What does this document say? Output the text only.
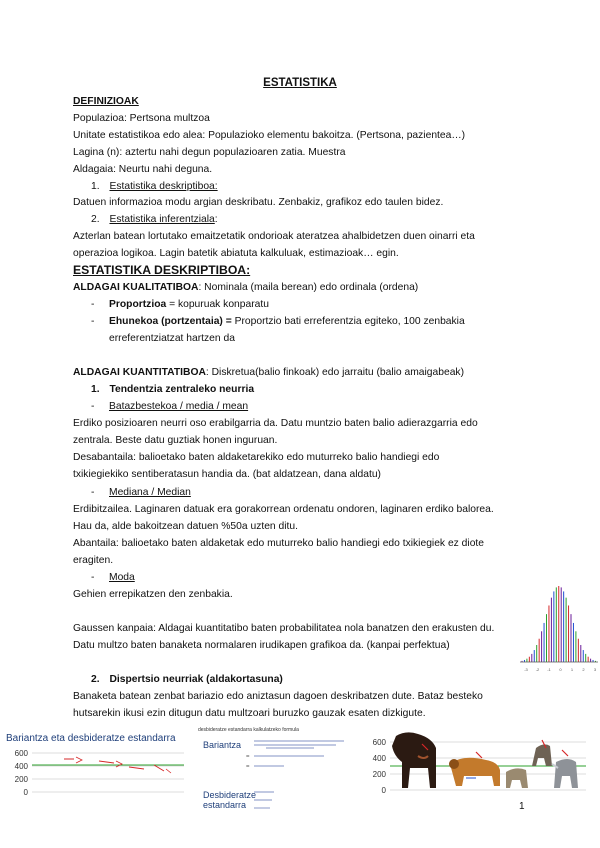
ESTATISTIKA
DEFINIZIOAK
Populazioa: Pertsona multzoa
Unitate estatistikoa edo alea: Populazioko elementu bakoitza. (Pertsona, pazientea…)
Lagina (n): aztertu nahi degun populazioaren zatia. Muestra
Aldagaia: Neurtu nahi deguna.
1. Estatistika deskriptiboa:
Datuen informazioa modu argian deskribatu. Zenbakiz, grafikoz edo taulen bidez.
2. Estatistika inferentziala:
Azterlan batean lortutako emaitzetatik ondorioak ateratzea ahalbidetzen duen oinarri eta
operazioa logikoa. Lagin batetik abiatuta kalkuluak, estimazioak… egin.
ESTATISTIKA DESKRIPTIBOA:
ALDAGAI KUALITATIBOA: Nominala (maila berean) edo ordinala (ordena)
- Proportzioa = kopuruak konparatu
- Ehunekoa (portzentaia) = Proportzio bati erreferentzia egiteko, 100 zenbakia
erreferentziatzat hartzen da
ALDAGAI KUANTITATIBOA: Diskretua(balio finkoak) edo jarraitu (balio amaigabeak)
1. Tendentzia zentraleko neurria
- Batazbestekoa / media / mean
Erdiko posizioaren neurri oso erabilgarria da. Datu muntzio baten balio adierazgarria edo
zentrala. Beste datu guztiak honen inguruan.
Desabantaila: balioetako baten aldaketarekiko edo muturreko balio handiegi edo
txikiegiekiko sentiberatasun handia da. (bat aldatzean, dana aldatu)
- Mediana / Median
Erdibitzailea. Laginaren datuak era gorakorrean ordenatu ondoren, laginaren erdiko balorea.
Hau da, alde bakoitzean datuen %50a uzten ditu.
Abantaila: balioetako baten aldaketak edo muturreko balio handiegi edo txikiegiek ez diote
eragiten.
- Moda
Gehien errepikatzen den zenbakia.
Gaussen kanpaia: Aldagai kuantitatibo baten probabilitatea nola banatzen den erakusten du.
Datu multzo baten banaketa normalaren irudikapen grafikoa da. (kanpai perfektua)
2. Dispertsio neurriak (aldakortasuna)
Banaketa batean zenbat bariazio edo aniztasun dagoen deskribatzen dute. Bataz besteko
hutsarekin ikusi ezin ditugun datu multzoari buruzko gauzak esaten dizkigute.
-3 -2 -1 0 1 2 3
Bariantza eta desbideratze estandarra
600
400
200
0
desbideratze estandarra kalkulatzeko formula
Bariantza
=
=
Desbideratze
estandarra
600
400
200
0
1
